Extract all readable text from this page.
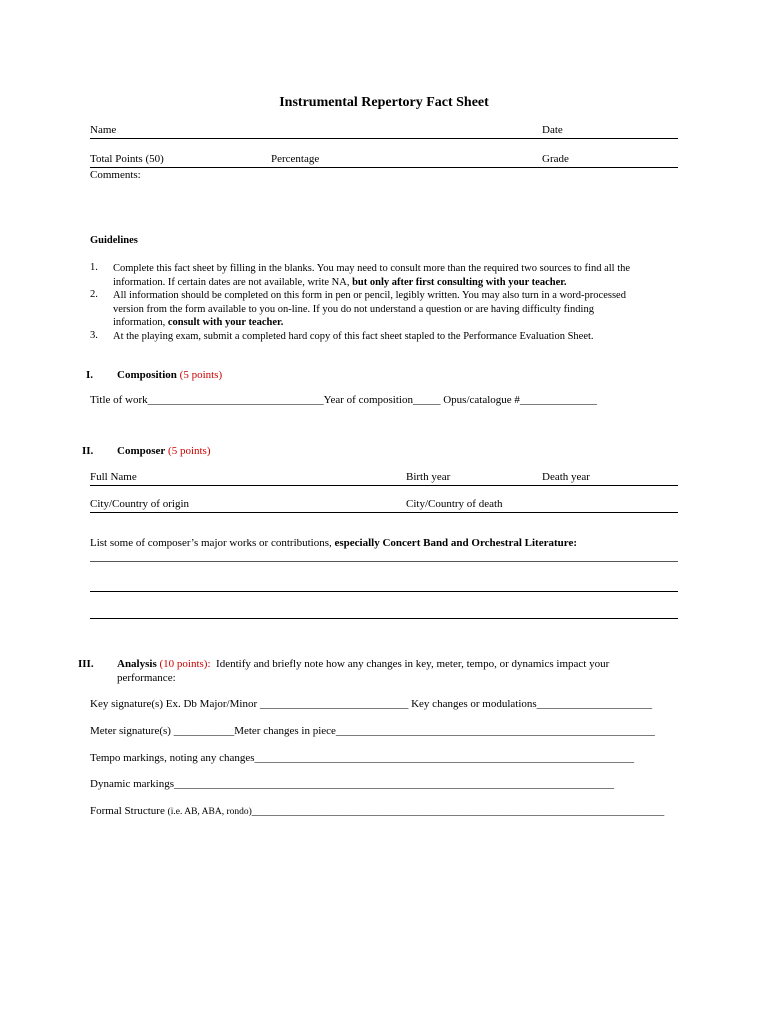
Instrumental Repertory Fact Sheet
Name	Date
Total Points (50)	Percentage	Grade
Comments:
Guidelines
1. Complete this fact sheet by filling in the blanks. You may need to consult more than the required two sources to find all the
information. If certain dates are not available, write NA, but only after first consulting with your teacher.
2. All information should be completed on this form in pen or pencil, legibly written. You may also turn in a word-processed
version from the form available to you on-line. If you do not understand a question or are having difficulty finding
information, consult with your teacher.
3. At the playing exam, submit a completed hard copy of this fact sheet stapled to the Performance Evaluation Sheet.
I. Composition (5 points)
Title of work________________________________Year of composition_____ Opus/catalogue #______________
II. Composer (5 points)
Full Name	Birth year	Death year
City/Country of origin	City/Country of death
List some of composer’s major works or contributions, especially Concert Band and Orchestral Literature:
III. Analysis (10 points): Identify and briefly note how any changes in key, meter, tempo, or dynamics impact your
performance:
Key signature(s) Ex. Db Major/Minor ___________________________ Key changes or modulations_____________________
Meter signature(s) ___________Meter changes in piece__________________________________________________________
Tempo markings, noting any changes_____________________________________________________________________
Dynamic markings________________________________________________________________________________
Formal Structure (i.e. AB, ABA, rondo)___________________________________________________________________________
